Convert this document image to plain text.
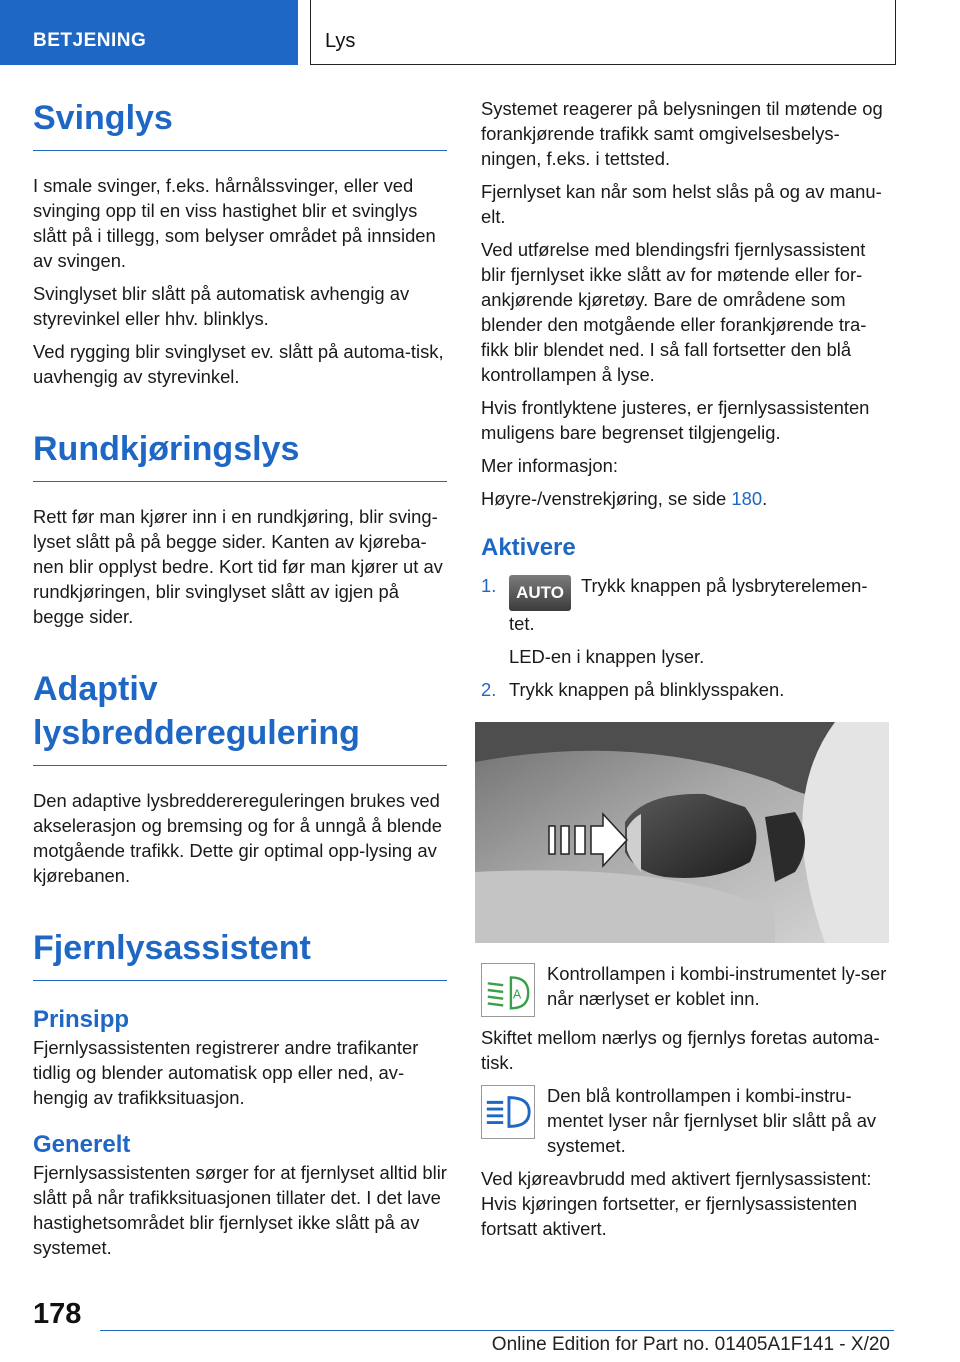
BETJENING	Lys
Svinglys

I smale svinger, f.eks. hårnålssvinger, eller ved svinging opp til en viss hastighet blir et svinglys slått på i tillegg, som belyser området på innsiden av svingen.

Svinglyset blir slått på automatisk avhengig av styrevinkel eller hhv. blinklys.

Ved rygging blir svinglyset ev. slått på automa‐tisk, uavhengig av styrevinkel.

Rundkjøringslys

Rett før man kjører inn i en rundkjøring, blir sving‐lyset slått på på begge sider. Kanten av kjøreba‐nen blir opplyst bedre. Kort tid før man kjører ut av rundkjøringen, blir svinglyset slått av igjen på begge sider.

Adaptiv
lysbredderegulering

Den adaptive lysbredderereguleringen brukes ved akselerasjon og bremsing og for å unngå å blende motgående trafikk. Dette gir optimal opp‐lysing av kjørebanen.

Fjernlysassistent
Prinsipp

Fjernlysassistenten registrerer andre trafikanter tidlig og blender automatisk opp eller ned, av‐hengig av trafikksituasjon.

Generelt

Fjernlysassistenten sørger for at fjernlyset alltid blir slått på når trafikksituasjonen tillater det. I det lave hastighetsområdet blir fjernlyset ikke slått på av systemet.

Systemet reagerer på belysningen til møtende og forankjørende trafikk samt omgivelsesbelys‐ningen, f.eks. i tettsted.

Fjernlyset kan når som helst slås på og av manu‐elt.

Ved utførelse med blendingsfri fjernlysassistent blir fjernlyset ikke slått av for møtende eller for‐ankjørende kjøretøy. Bare de områdene som blender den motgående eller forankjørende tra‐fikk blir blendet ned. I så fall fortsetter den blå kontrollampen å lyse.

Hvis frontlyktene justeres, er fjernlysassistenten muligens bare begrenset tilgjengelig.

Mer informasjon:

Høyre-/venstrekjøring, se side 180.

Aktivere
1. AUTO Trykk knappen på lysbryterelemen‐tet.
LED-en i knappen lyser.
2. Trykk knappen på blinklysspaken.
A

Kontrollampen i kombi-instrumentet ly‐ser når nærlyset er koblet inn.

Skiftet mellom nærlys og fjernlys foretas automa‐tisk.

Den blå kontrollampen i kombi-instru‐mentet lyser når fjernlyset blir slått på av systemet.

Ved kjøreavbrudd med aktivert fjernlysassistent: Hvis kjøringen fortsetter, er fjernlysassistenten fortsatt aktivert.

178
Online Edition for Part no. 01405A1F141 - X/20
